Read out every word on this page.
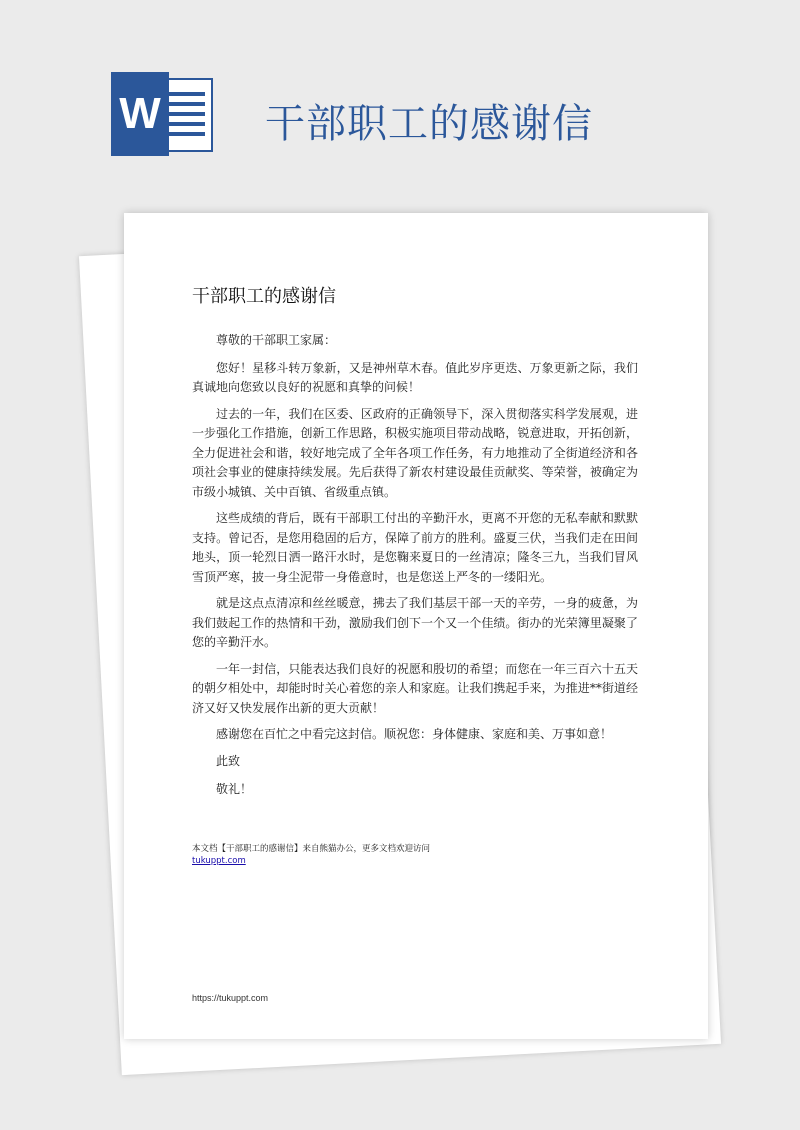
W	干部职工的感谢信
干部职工的感谢信

尊敬的干部职工家属：

您好！星移斗转万象新，又是神州草木春。值此岁序更迭、万象更新之际，我们真诚地向您致以良好的祝愿和真挚的问候！

过去的一年，我们在区委、区政府的正确领导下，深入贯彻落实科学发展观，进一步强化工作措施，创新工作思路，积极实施项目带动战略，锐意进取，开拓创新，全力促进社会和谐，较好地完成了全年各项工作任务，有力地推动了全街道经济和各项社会事业的健康持续发展。先后获得了新农村建设最佳贡献奖、等荣誉，被确定为市级小城镇、关中百镇、省级重点镇。

这些成绩的背后，既有干部职工付出的辛勤汗水，更离不开您的无私奉献和默默支持。曾记否，是您用稳固的后方，保障了前方的胜利。盛夏三伏，当我们走在田间地头，顶一轮烈日洒一路汗水时，是您鞠来夏日的一丝清凉；隆冬三九，当我们冒风雪顶严寒，披一身尘泥带一身倦意时，也是您送上严冬的一缕阳光。

就是这点点清凉和丝丝暖意，拂去了我们基层干部一天的辛劳，一身的疲惫，为我们鼓起工作的热情和干劲，激励我们创下一个又一个佳绩。街办的光荣簿里凝聚了您的辛勤汗水。

一年一封信，只能表达我们良好的祝愿和殷切的希望；而您在一年三百六十五天的朝夕相处中，却能时时关心着您的亲人和家庭。让我们携起手来，为推进**街道经济又好又快发展作出新的更大贡献！

感谢您在百忙之中看完这封信。顺祝您：身体健康、家庭和美、万事如意！

此致

敬礼！

本文档【干部职工的感谢信】来自熊猫办公，更多文档欢迎访问
tukuppt.com
https://tukuppt.com
